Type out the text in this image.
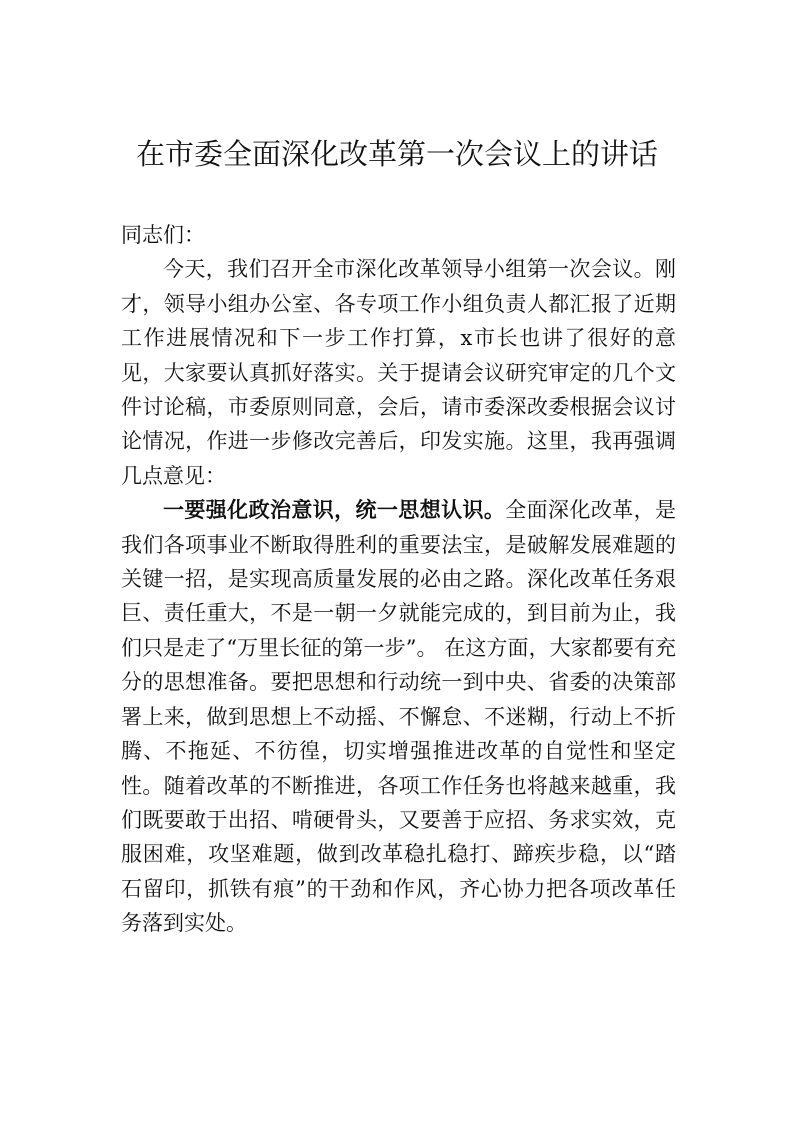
在市委全面深化改革第一次会议上的讲话

同志们：

今天，我们召开全市深化改革领导小组第一次会议。刚才，领导小组办公室、各专项工作小组负责人都汇报了近期工作进展情况和下一步工作打算，x市长也讲了很好的意见，大家要认真抓好落实。关于提请会议研究审定的几个文件讨论稿，市委原则同意，会后，请市委深改委根据会议讨论情况，作进一步修改完善后，印发实施。这里，我再强调几点意见：

一要强化政治意识，统一思想认识。全面深化改革，是我们各项事业不断取得胜利的重要法宝，是破解发展难题的关键一招，是实现高质量发展的必由之路。深化改革任务艰巨、责任重大，不是一朝一夕就能完成的，到目前为止，我们只是走了“万里长征的第一步”。 在这方面，大家都要有充分的思想准备。要把思想和行动统一到中央、省委的决策部署上来，做到思想上不动摇、不懈怠、不迷糊，行动上不折腾、不拖延、不彷徨，切实增强推进改革的自觉性和坚定性。随着改革的不断推进，各项工作任务也将越来越重，我们既要敢于出招、啃硬骨头，又要善于应招、务求实效，克 服困难，攻坚难题，做到改革稳扎稳打、蹄疾步稳，以“踏石留印，抓铁有痕”的干劲和作风，齐心协力把各项改革任务落到实处。
